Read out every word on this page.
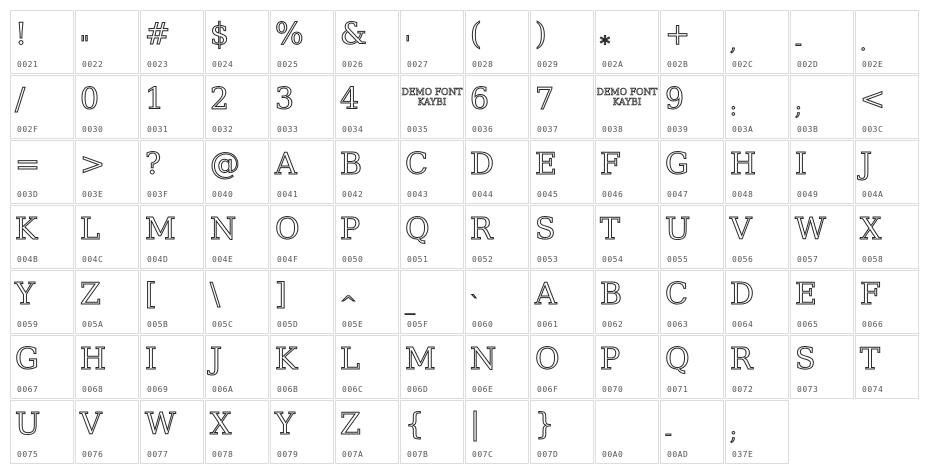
!
0021
"
0022
#
0023
$
0024
%
0025
&
0026
'
0027
(
0028
)
0029
*
002A
+
002B
,
002C
-
002D
.
002E
/
002F
0
0030
1
0031
2
0032
3
0033
4
0034
DEMO FONT KAYBI
0035
6
0036
7
0037
DEMO FONT KAYBI
0038
9
0039
:
003A
;
003B
<
003C
=
003D
>
003E
?
003F
@
0040
A
0041
B
0042
C
0043
D
0044
E
0045
F
0046
G
0047
H
0048
I
0049
J
004A
K
004B
L
004C
M
004D
N
004E
O
004F
P
0050
Q
0051
R
0052
S
0053
T
0054
U
0055
V
0056
W
0057
X
0058
Y
0059
Z
005A
[
005B
\
005C
]
005D
^
005E
_
005F
`
0060
A
0061
B
0062
C
0063
D
0064
E
0065
F
0066
G
0067
H
0068
I
0069
J
006A
K
006B
L
006C
M
006D
N
006E
O
006F
P
0070
Q
0071
R
0072
S
0073
T
0074
U
0075
V
0076
W
0077
X
0078
Y
0079
Z
007A
{
007B
|
007C
}
007D	00A0
-
00AD
;
037E
